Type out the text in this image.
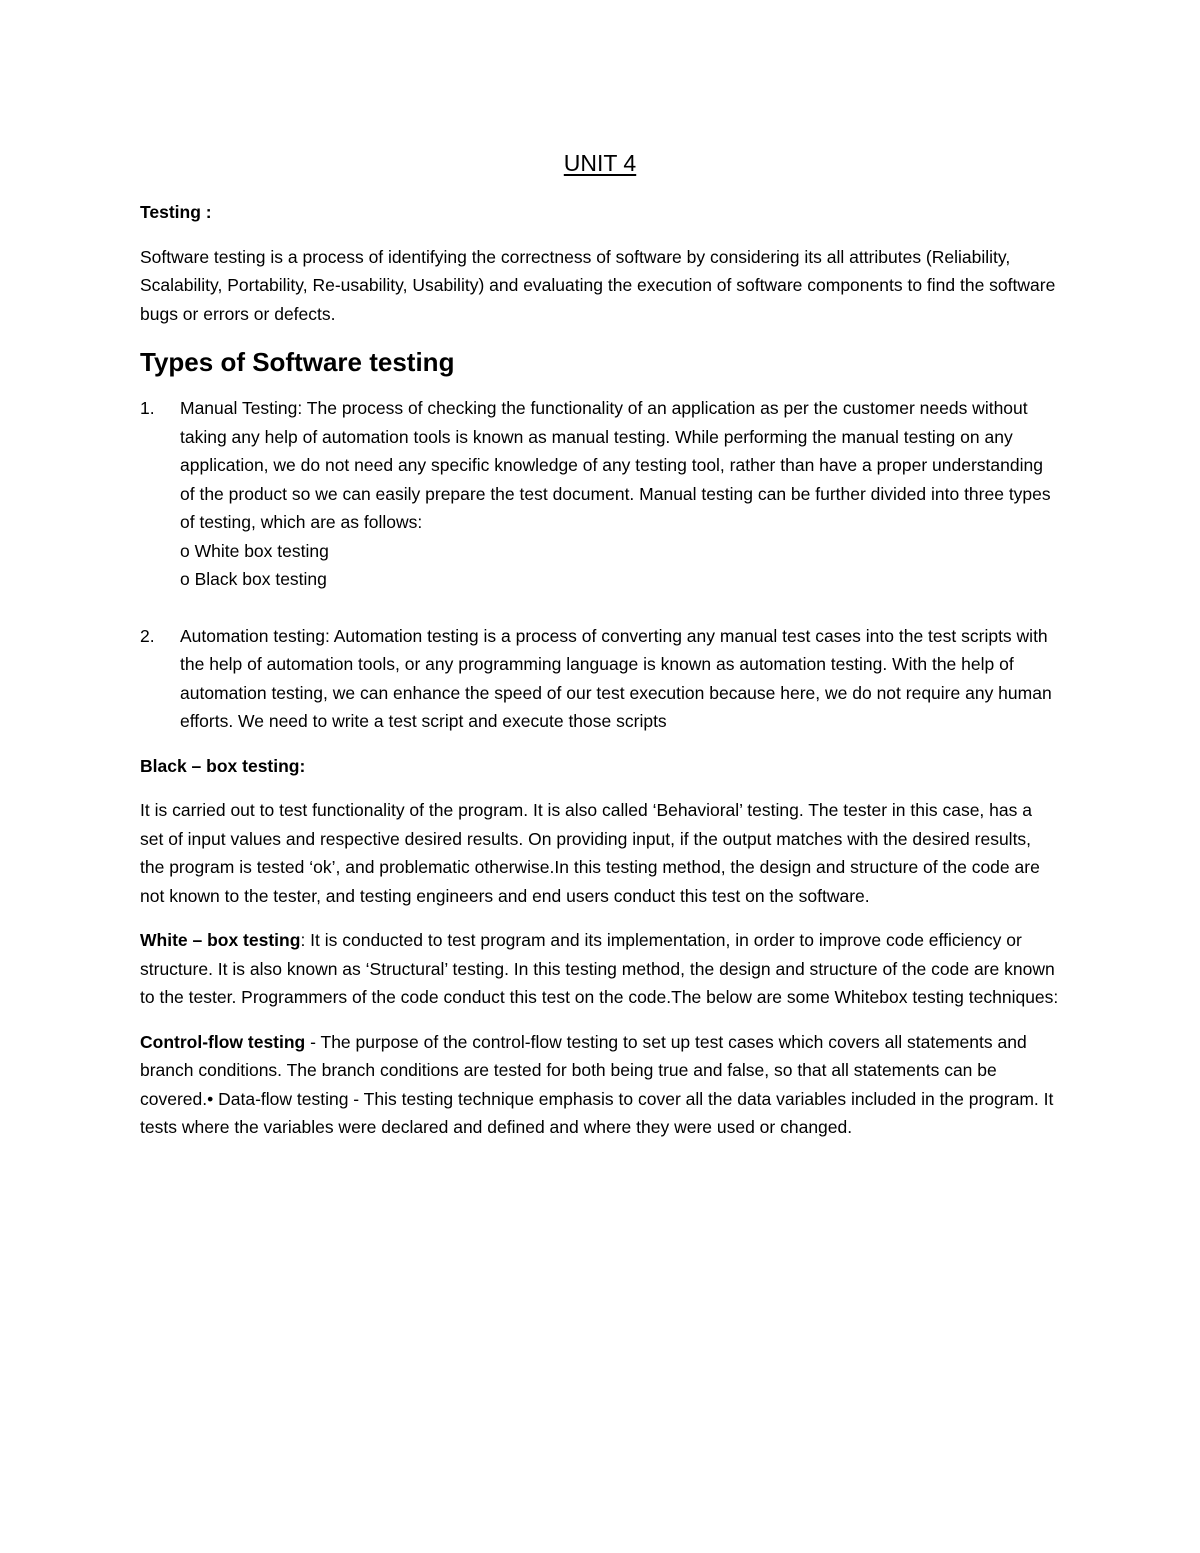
UNIT 4

Testing :

Software testing is a process of identifying the correctness of software by considering its all attributes (Reliability, Scalability, Portability, Re-usability, Usability) and evaluating the execution of software components to find the software bugs or errors or defects.

Types of Software testing
1. Manual Testing: The process of checking the functionality of an application as per the customer needs without taking any help of automation tools is known as manual testing. While performing the manual testing on any application, we do not need any specific knowledge of any testing tool, rather than have a proper understanding of the product so we can easily prepare the test document. Manual testing can be further divided into three types of testing, which are as follows:
o White box testing
o Black box testing
2. Automation testing: Automation testing is a process of converting any manual test cases into the test scripts with the help of automation tools, or any programming language is known as automation testing. With the help of automation testing, we can enhance the speed of our test execution because here, we do not require any human efforts. We need to write a test script and execute those scripts

Black – box testing:

It is carried out to test functionality of the program. It is also called ‘Behavioral’ testing. The tester in this case, has a set of input values and respective desired results. On providing input, if the output matches with the desired results, the program is tested ‘ok’, and problematic otherwise.In this testing method, the design and structure of the code are not known to the tester, and testing engineers and end users conduct this test on the software.

White – box testing: It is conducted to test program and its implementation, in order to improve code efficiency or structure. It is also known as ‘Structural’ testing. In this testing method, the design and structure of the code are known to the tester. Programmers of the code conduct this test on the code.The below are some Whitebox testing techniques:

Control-flow testing - The purpose of the control-flow testing to set up test cases which covers all statements and branch conditions. The branch conditions are tested for both being true and false, so that all statements can be covered.• Data-flow testing - This testing technique emphasis to cover all the data variables included in the program. It tests where the variables were declared and defined and where they were used or changed.
